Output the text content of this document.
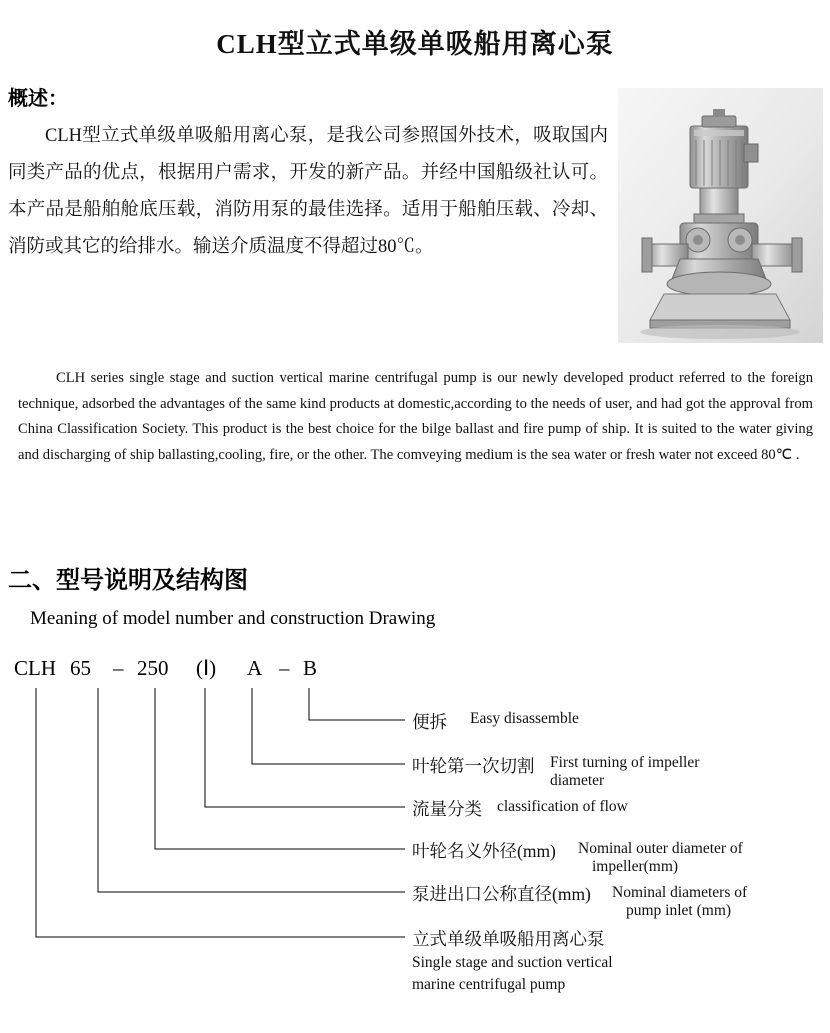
CLH型立式单级单吸船用离心泵
概述：
CLH型立式单级单吸船用离心泵，是我公司参照国外技术，吸取国内同类产品的优点，根据用户需求，开发的新产品。并经中国船级社认可。本产品是船舶舱底压载，消防用泵的最佳选择。适用于船舶压载、冷却、消防或其它的给排水。输送介质温度不得超过80℃。
CLH series single stage and suction vertical marine centrifugal pump is our newly developed product referred to the foreign technique, adsorbed the advantages of the same kind products at domestic,according to the needs of user, and had got the approval from China Classification Society. This product is the best choice for the bilge ballast and fire pump of ship. It is suited to the water giving and discharging of ship ballasting,cooling, fire, or the other. The comveying medium is the sea water or fresh water not exceed 80℃ .
二、型号说明及结构图
Meaning of model number and construction Drawing
CLH 65 – 250 (Ⅰ) A – B
便拆 Easy disassemble
叶轮第一次切割 First turning of impeller
diameter
流量分类 classification of flow
叶轮名义外径(mm) Nominal outer diameter of
impeller(mm)
泵进出口公称直径(mm) Nominal diameters of
pump inlet (mm)
立式单级单吸船用离心泵
Single stage and suction vertical
marine centrifugal pump
